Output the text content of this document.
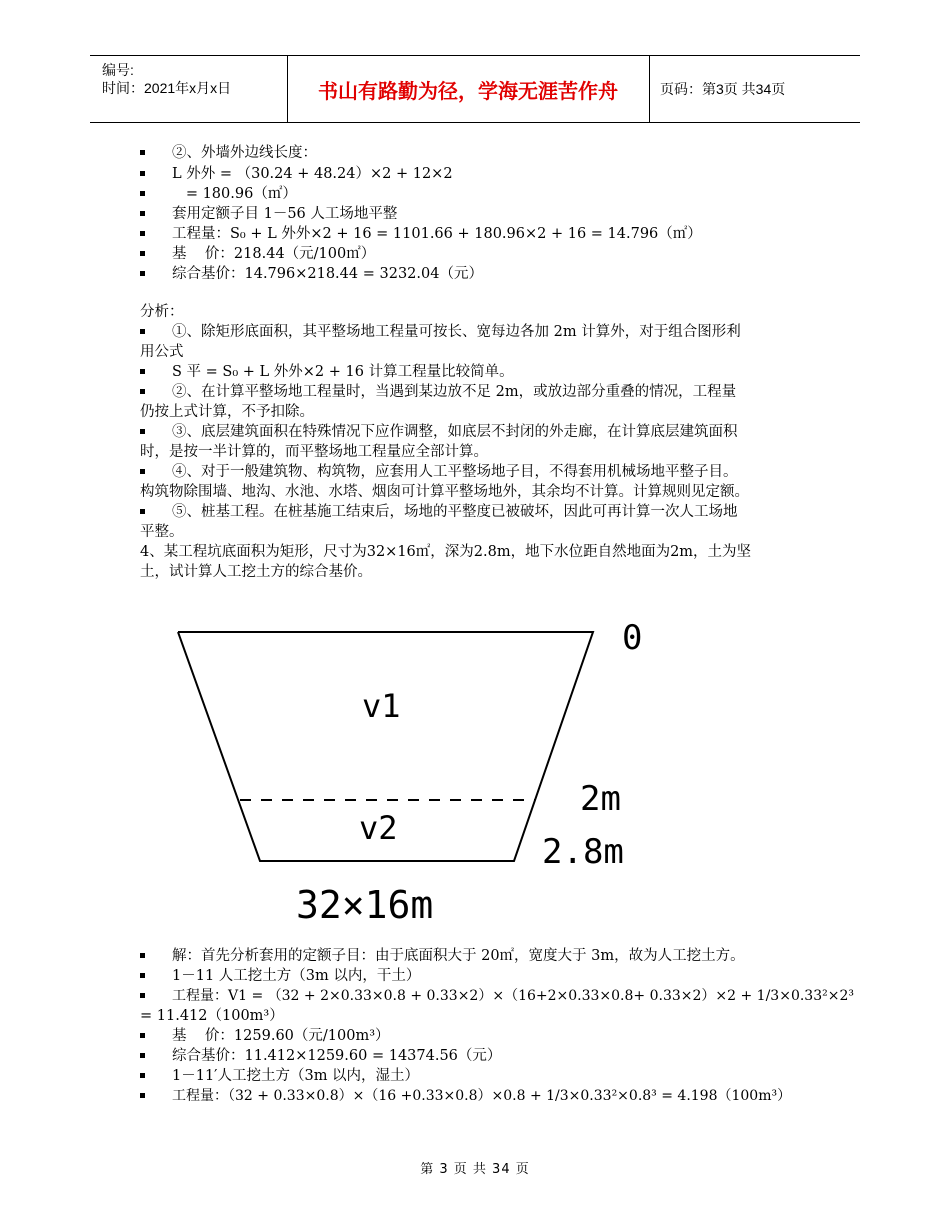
编号:
时间：2021年x月x日	书山有路勤为径，学海无涯苦作舟	页码：第3页 共34页
②、外墙外边线长度：
L 外外 = （30.24 + 48.24）×2 + 12×2
= 180.96（㎡）
套用定额子目 1－56 人工场地平整
工程量：S₀ + L 外外×2 + 16 = 1101.66 + 180.96×2 + 16 = 14.796（㎡）
基    价：218.44（元/100㎡）
综合基价：14.796×218.44 = 3232.04（元）
分析：
①、除矩形底面积，其平整场地工程量可按长、宽每边各加 2m 计算外，对于组合图形利
用公式
S 平 = S₀ + L 外外×2 + 16 计算工程量比较简单。
②、在计算平整场地工程量时，当遇到某边放不足 2m，或放边部分重叠的情况，工程量
仍按上式计算，不予扣除。
③、底层建筑面积在特殊情况下应作调整，如底层不封闭的外走廊，在计算底层建筑面积
时，是按一半计算的，而平整场地工程量应全部计算。
④、对于一般建筑物、构筑物，应套用人工平整场地子目，不得套用机械场地平整子目。
构筑物除围墙、地沟、水池、水塔、烟囱可计算平整场地外，其余均不计算。计算规则见定额。
⑤、桩基工程。在桩基施工结束后，场地的平整度已被破坏，因此可再计算一次人工场地
平整。
4、某工程坑底面积为矩形，尺寸为32×16㎡，深为2.8m，地下水位距自然地面为2m，土为坚
土，试计算人工挖土方的综合基价。
0
v1
v2
2m
2.8m
32×16m
解：首先分析套用的定额子目：由于底面积大于 20㎡，宽度大于 3m，故为人工挖土方。
1－11 人工挖土方（3m 以内，干土）
工程量：V1 = （32 + 2×0.33×0.8 + 0.33×2）×（16+2×0.33×0.8+ 0.33×2）×2 + 1/3×0.33²×2³
= 11.412（100m³）
基    价：1259.60（元/100m³）
综合基价：11.412×1259.60 = 14374.56（元）
1－11′人工挖土方（3m 以内，湿土）
工程量：（32 + 0.33×0.8）×（16 +0.33×0.8）×0.8 + 1/3×0.33²×0.8³ = 4.198（100m³）
第 3 页 共 34 页
